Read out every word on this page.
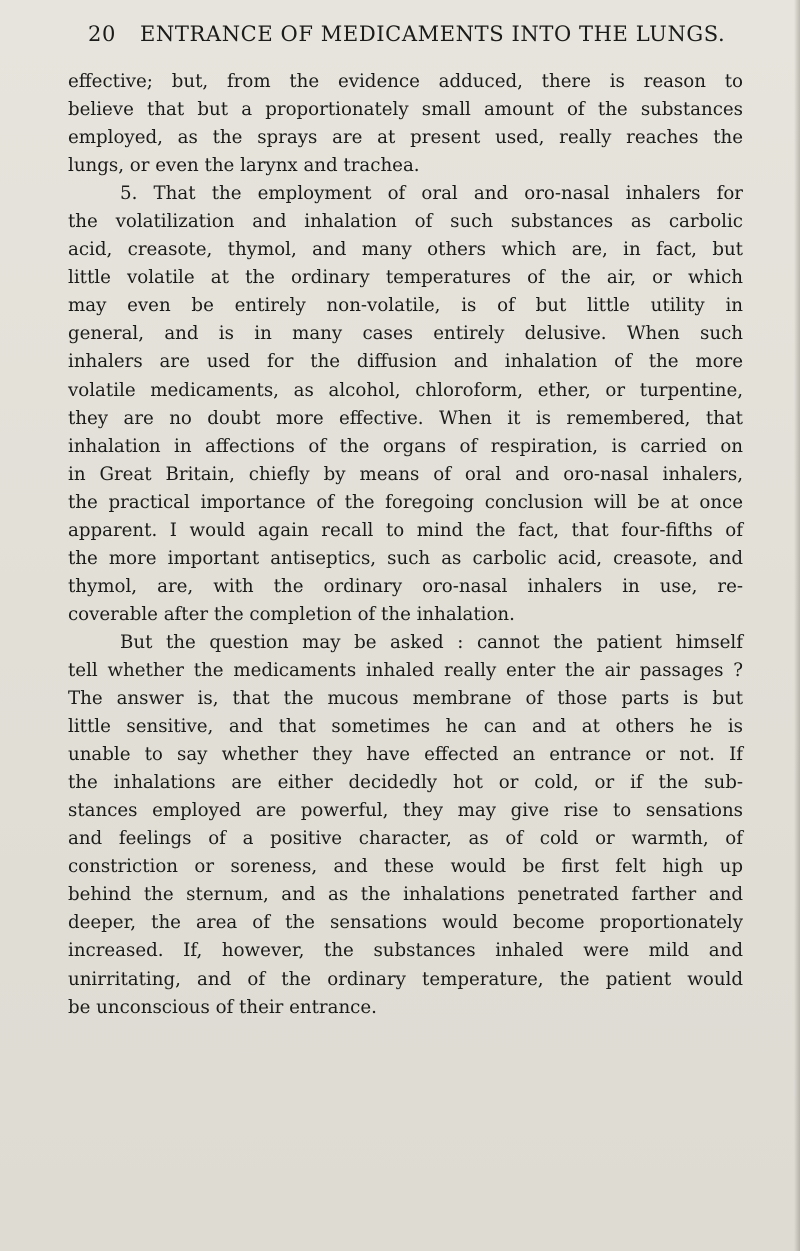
20 ENTRANCE OF MEDICAMENTS INTO THE LUNGS.
effective; but, from the evidence adduced, there is reason to
believe that but a proportionately small amount of the substances
employed, as the sprays are at present used, really reaches the
lungs, or even the larynx and trachea.
5. That the employment of oral and oro-nasal inhalers for
the volatilization and inhalation of such substances as carbolic
acid, creasote, thymol, and many others which are, in fact, but
little volatile at the ordinary temperatures of the air, or which
may even be entirely non-volatile, is of but little utility in
general, and is in many cases entirely delusive. When such
inhalers are used for the diffusion and inhalation of the more
volatile medicaments, as alcohol, chloroform, ether, or turpentine,
they are no doubt more effective. When it is remembered, that
inhalation in affections of the organs of respiration, is carried on
in Great Britain, chiefly by means of oral and oro-nasal inhalers,
the practical importance of the foregoing conclusion will be at once
apparent. I would again recall to mind the fact, that four-fifths of
the more important antiseptics, such as carbolic acid, creasote, and
thymol, are, with the ordinary oro-nasal inhalers in use, re-
coverable after the completion of the inhalation.
But the question may be asked : cannot the patient himself
tell whether the medicaments inhaled really enter the air passages ?
The answer is, that the mucous membrane of those parts is but
little sensitive, and that sometimes he can and at others he is
unable to say whether they have effected an entrance or not. If
the inhalations are either decidedly hot or cold, or if the sub-
stances employed are powerful, they may give rise to sensations
and feelings of a positive character, as of cold or warmth, of
constriction or soreness, and these would be first felt high up
behind the sternum, and as the inhalations penetrated farther and
deeper, the area of the sensations would become proportionately
increased. If, however, the substances inhaled were mild and
unirritating, and of the ordinary temperature, the patient would
be unconscious of their entrance.
